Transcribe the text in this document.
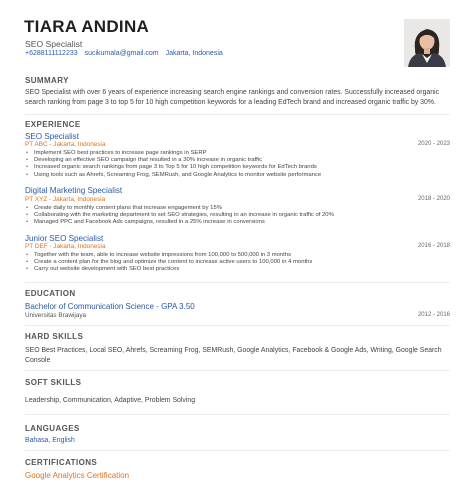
TIARA ANDINA
SEO Specialist
+6288111112233 sucikumala@gmail.com Jakarta, Indonesia
SUMMARY
SEO Specialist with over 6 years of experience increasing search engine rankings and conversion rates. Successfully increased organic search ranking from page 3 to top 5 for 10 high competition keywords for a leading EdTech brand and increased organic traffic by 30%.
EXPERIENCE
SEO Specialist
PT ABC - Jakarta, Indonesia	2020 - 2023
• Implement SEO best practices to increase page rankings in SERP
• Developing an effective SEO campaign that resulted in a 30% increase in organic traffic
• Increased organic search rankings from page 3 to Top 5 for 10 high competition keywords for EdTech brands
• Using tools such as Ahrefs, Screaming Frog, SEMRush, and Google Analytics to monitor website performance
Digital Marketing Specialist
PT XYZ - Jakarta, Indonesia	2018 - 2020
• Create daily to monthly content plans that increase engagement by 15%
• Collaborating with the marketing department to set SEO strategies, resulting in an increase in organic traffic of 20%
• Managed PPC and Facebook Ads campaigns, resulted in a 25% increase in conversions
Junior SEO Specialist
PT DEF - Jakarta, Indonesia	2016 - 2018
• Together with the team, able to increase website impressions from 100,000 to 500,000 in 3 months
• Create a content plan for the blog and optimize the content to increase active users to 100,000 in 4 months
• Carry out website development with SEO best practices
EDUCATION
Bachelor of Communication Science - GPA 3.50
Universitas Brawijaya	2012 - 2016
HARD SKILLS
SEO Best Practices, Local SEO, Ahrefs, Screaming Frog, SEMRush, Google Analytics, Facebook & Google Ads, Writing, Google Search Console
SOFT SKILLS
Leadership, Communication, Adaptive, Problem Solving
LANGUAGES
Bahasa, English
CERTIFICATIONS
Google Analytics Certification
